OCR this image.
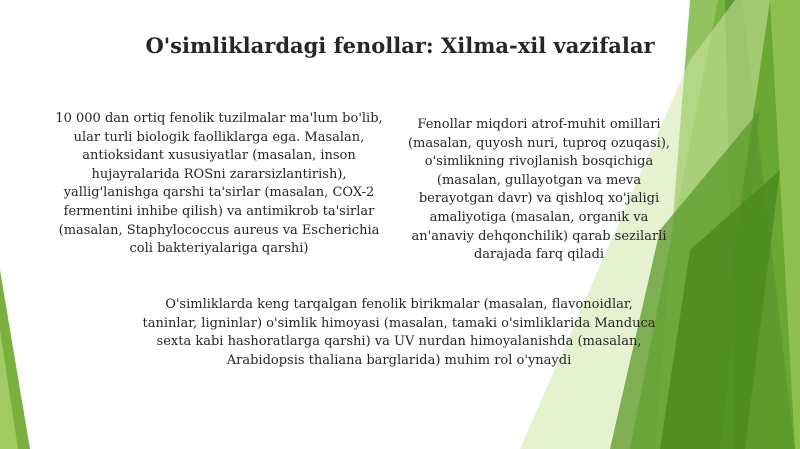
O'simliklardagi fenollar: Xilma-xil vazifalar
10 000 dan ortiq fenolik tuzilmalar ma'lum bo'lib, ular turli biologik faolliklarga ega. Masalan, antioksidant xususiyatlar (masalan, inson hujayralarida ROSni zararsizlantirish), yallig'lanishga qarshi ta'sirlar (masalan, COX-2 fermentini inhibe qilish) va antimikrob ta'sirlar (masalan, Staphylococcus aureus va Escherichia coli bakteriyalariga qarshi)
Fenollar miqdori atrof-muhit omillari (masalan, quyosh nuri, tuproq ozuqasi), o'simlikning rivojlanish bosqichiga (masalan, gullayotgan va meva berayotgan davr) va qishloq xo'jaligi amaliyotiga (masalan, organik va an'anaviy dehqonchilik) qarab sezilarli darajada farq qiladi
O'simliklarda keng tarqalgan fenolik birikmalar (masalan, flavonoidlar, taninlar, ligninlar) o'simlik himoyasi (masalan, tamaki o'simliklarida Manduca sexta kabi hashoratlarga qarshi) va UV nurdan himoyalanishda (masalan, Arabidopsis thaliana barglarida) muhim rol o'ynaydi
